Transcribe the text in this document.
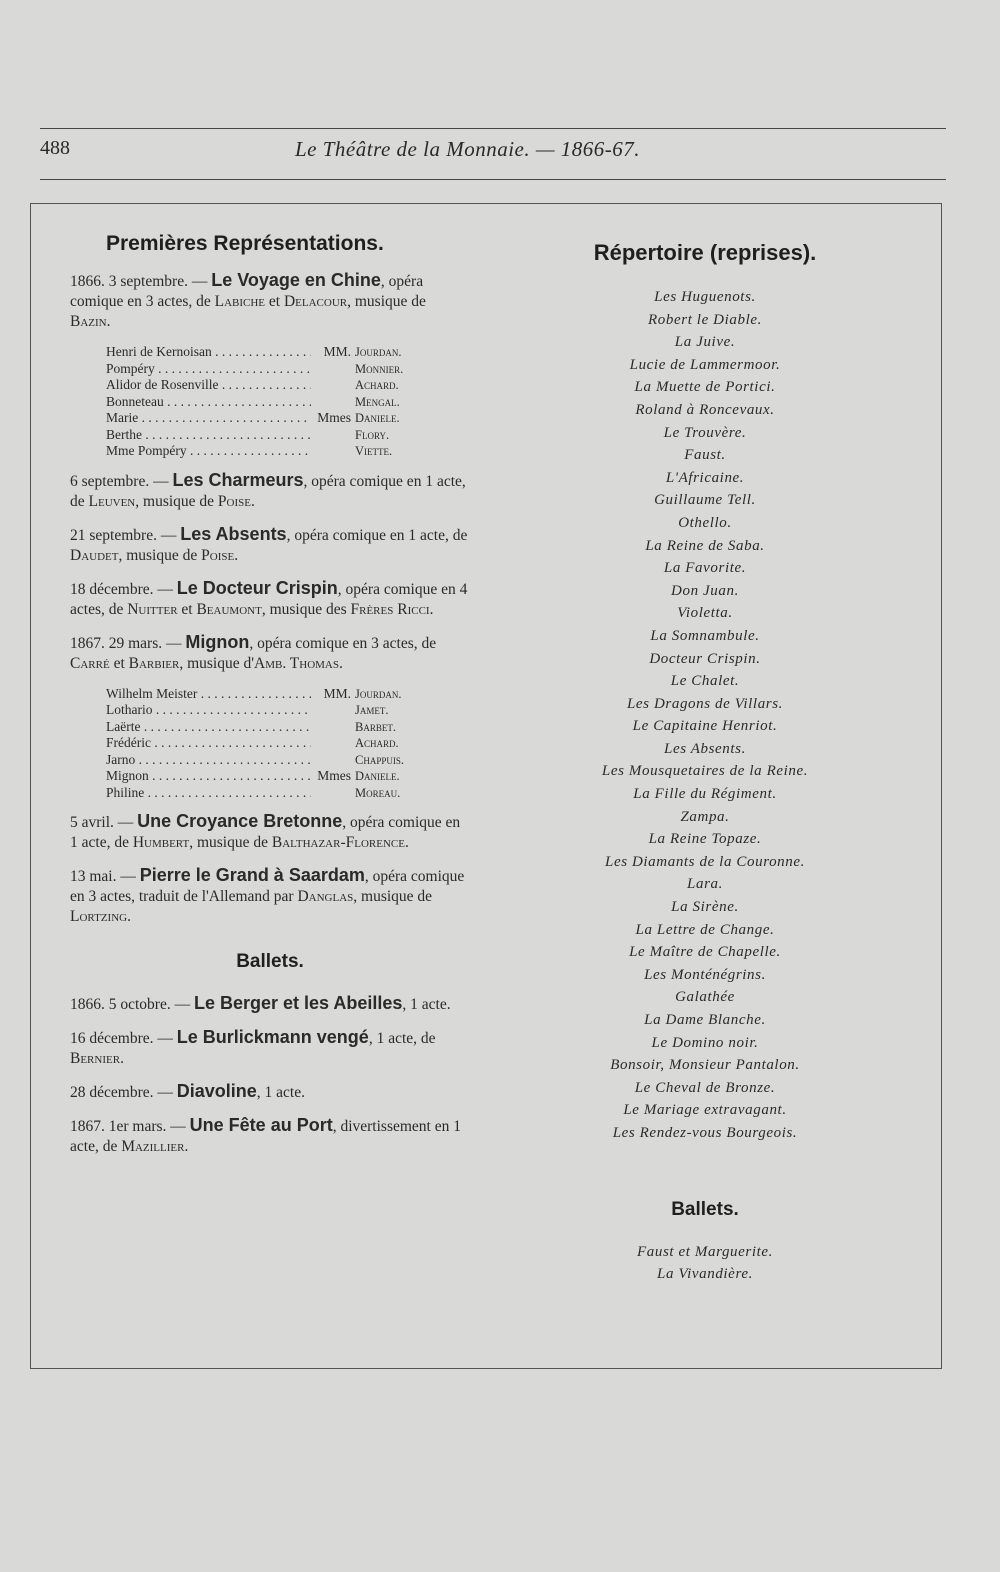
488	Le Théâtre de la Monnaie. — 1866-67.
Premières Représentations.
1866. 3 septembre. — Le Voyage en Chine, opéra comique en 3 actes, de Labiche et Delacour, musique de Bazin.
Henri de Kernoisan . . .	MM. Jourdan.
Pompéry . . .	Monnier.
Alidor de Rosenville . . .	Achard.
Bonneteau . . .	Mengal.
Marie . . .	Mmes Daniele.
Berthe . . .	Flory.
Mme Pompéry . . .	Viette.
6 septembre. — Les Charmeurs, opéra comique en 1 acte, de Leuven, musique de Poise.
21 septembre. — Les Absents, opéra comique en 1 acte, de Daudet, musique de Poise.
18 décembre. — Le Docteur Crispin, opéra comique en 4 actes, de Nuitter et Beaumont, musique des Frères Ricci.
1867. 29 mars. — Mignon, opéra comique en 3 actes, de Carré et Barbier, musique d'Amb. Thomas.
Wilhelm Meister . . .	MM. Jourdan.
Lothario . . .	Jamet.
Laërte . . .	Barbet.
Frédéric . . .	Achard.
Jarno . . .	Chappuis.
Mignon . . .	Mmes Daniele.
Philine . . .	Moreau.
5 avril. — Une Croyance Bretonne, opéra comique en 1 acte, de Humbert, musique de Balthazar-Florence.
13 mai. — Pierre le Grand à Saardam, opéra comique en 3 actes, traduit de l'Allemand par Danglas, musique de Lortzing.
Ballets.
1866. 5 octobre. — Le Berger et les Abeilles, 1 acte.
16 décembre. — Le Burlickmann vengé, 1 acte, de Bernier.
28 décembre. — Diavoline, 1 acte.
1867. 1er mars. — Une Fête au Port, divertissement en 1 acte, de Mazillier.
Répertoire (reprises).
Les Huguenots.
Robert le Diable.
La Juive.
Lucie de Lammermoor.
La Muette de Portici.
Roland à Roncevaux.
Le Trouvère.
Faust.
L'Africaine.
Guillaume Tell.
Othello.
La Reine de Saba.
La Favorite.
Don Juan.
Violetta.
La Somnambule.
Docteur Crispin.
Le Chalet.
Les Dragons de Villars.
Le Capitaine Henriot.
Les Absents.
Les Mousquetaires de la Reine.
La Fille du Régiment.
Zampa.
La Reine Topaze.
Les Diamants de la Couronne.
Lara.
La Sirène.
La Lettre de Change.
Le Maître de Chapelle.
Les Monténégrins.
Galathée
La Dame Blanche.
Le Domino noir.
Bonsoir, Monsieur Pantalon.
Le Cheval de Bronze.
Le Mariage extravagant.
Les Rendez-vous Bourgeois.
Ballets.
Faust et Marguerite.
La Vivandière.
